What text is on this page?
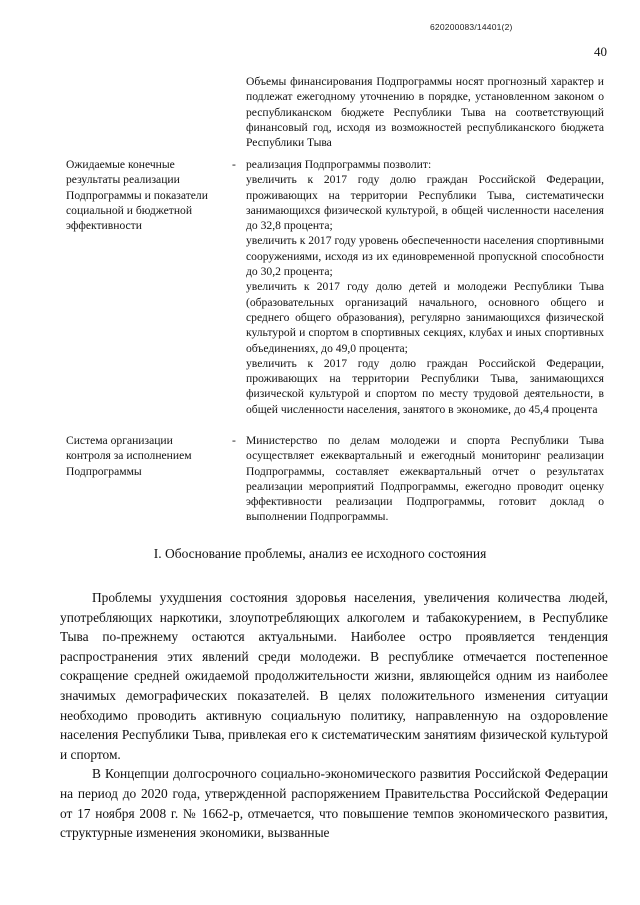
620200083/14401(2)
40
Объемы финансирования Подпрограммы носят прогнозный характер и подлежат ежегодному уточнению в порядке, установленном законом о республиканском бюджете Республики Тыва на соответствующий финансовый год, исходя из возможностей республиканского бюджета Республики Тыва
Ожидаемые конечные результаты реализации Подпрограммы и показатели социальной и бюджетной эффективности
- реализация Подпрограммы позволит:

увеличить к 2017 году долю граждан Российской Федерации, проживающих на территории Республики Тыва, систематически занимающихся физической культурой, в общей численности населения до 32,8 процента;

увеличить к 2017 году уровень обеспеченности населения спортивными сооружениями, исходя из их единовременной пропускной способности до 30,2 процента;

увеличить к 2017 году долю детей и молодежи Республики Тыва (образовательных организаций начального, основного общего и среднего общего образования), регулярно занимающихся физической культурой и спортом в спортивных секциях, клубах и иных спортивных объединениях, до 49,0 процента;

увеличить к 2017 году долю граждан Российской Федерации, проживающих на территории Республики Тыва, занимающихся физической культурой и спортом по месту трудовой деятельности, в общей численности населения, занятого в экономике, до 45,4 процента

Система организации контроля за исполнением Подпрограммы
- Министерство по делам молодежи и спорта Республики Тыва осуществляет ежеквартальный и ежегодный мониторинг реализации Подпрограммы, составляет ежеквартальный отчет о результатах реализации мероприятий Подпрограммы, ежегодно проводит оценку эффективности реализации Подпрограммы, готовит доклад о выполнении Подпрограммы.

I. Обоснование проблемы, анализ ее исходного состояния

Проблемы ухудшения состояния здоровья населения, увеличения количества людей, употребляющих наркотики, злоупотребляющих алкоголем и табакокурением, в Республике Тыва по-прежнему остаются актуальными. Наиболее остро проявляется тенденция распространения этих явлений среди молодежи. В республике отмечается постепенное сокращение средней ожидаемой продолжительности жизни, являющейся одним из наиболее значимых демографических показателей. В целях положительного изменения ситуации необходимо проводить активную социальную политику, направленную на оздоровление населения Республики Тыва, привлекая его к систематическим занятиям физической культурой и спортом.

В Концепции долгосрочного социально-экономического развития Российской Федерации на период до 2020 года, утвержденной распоряжением Правительства Российской Федерации от 17 ноября 2008 г. № 1662-р, отмечается, что повышение темпов экономического развития, структурные изменения экономики, вызванные
